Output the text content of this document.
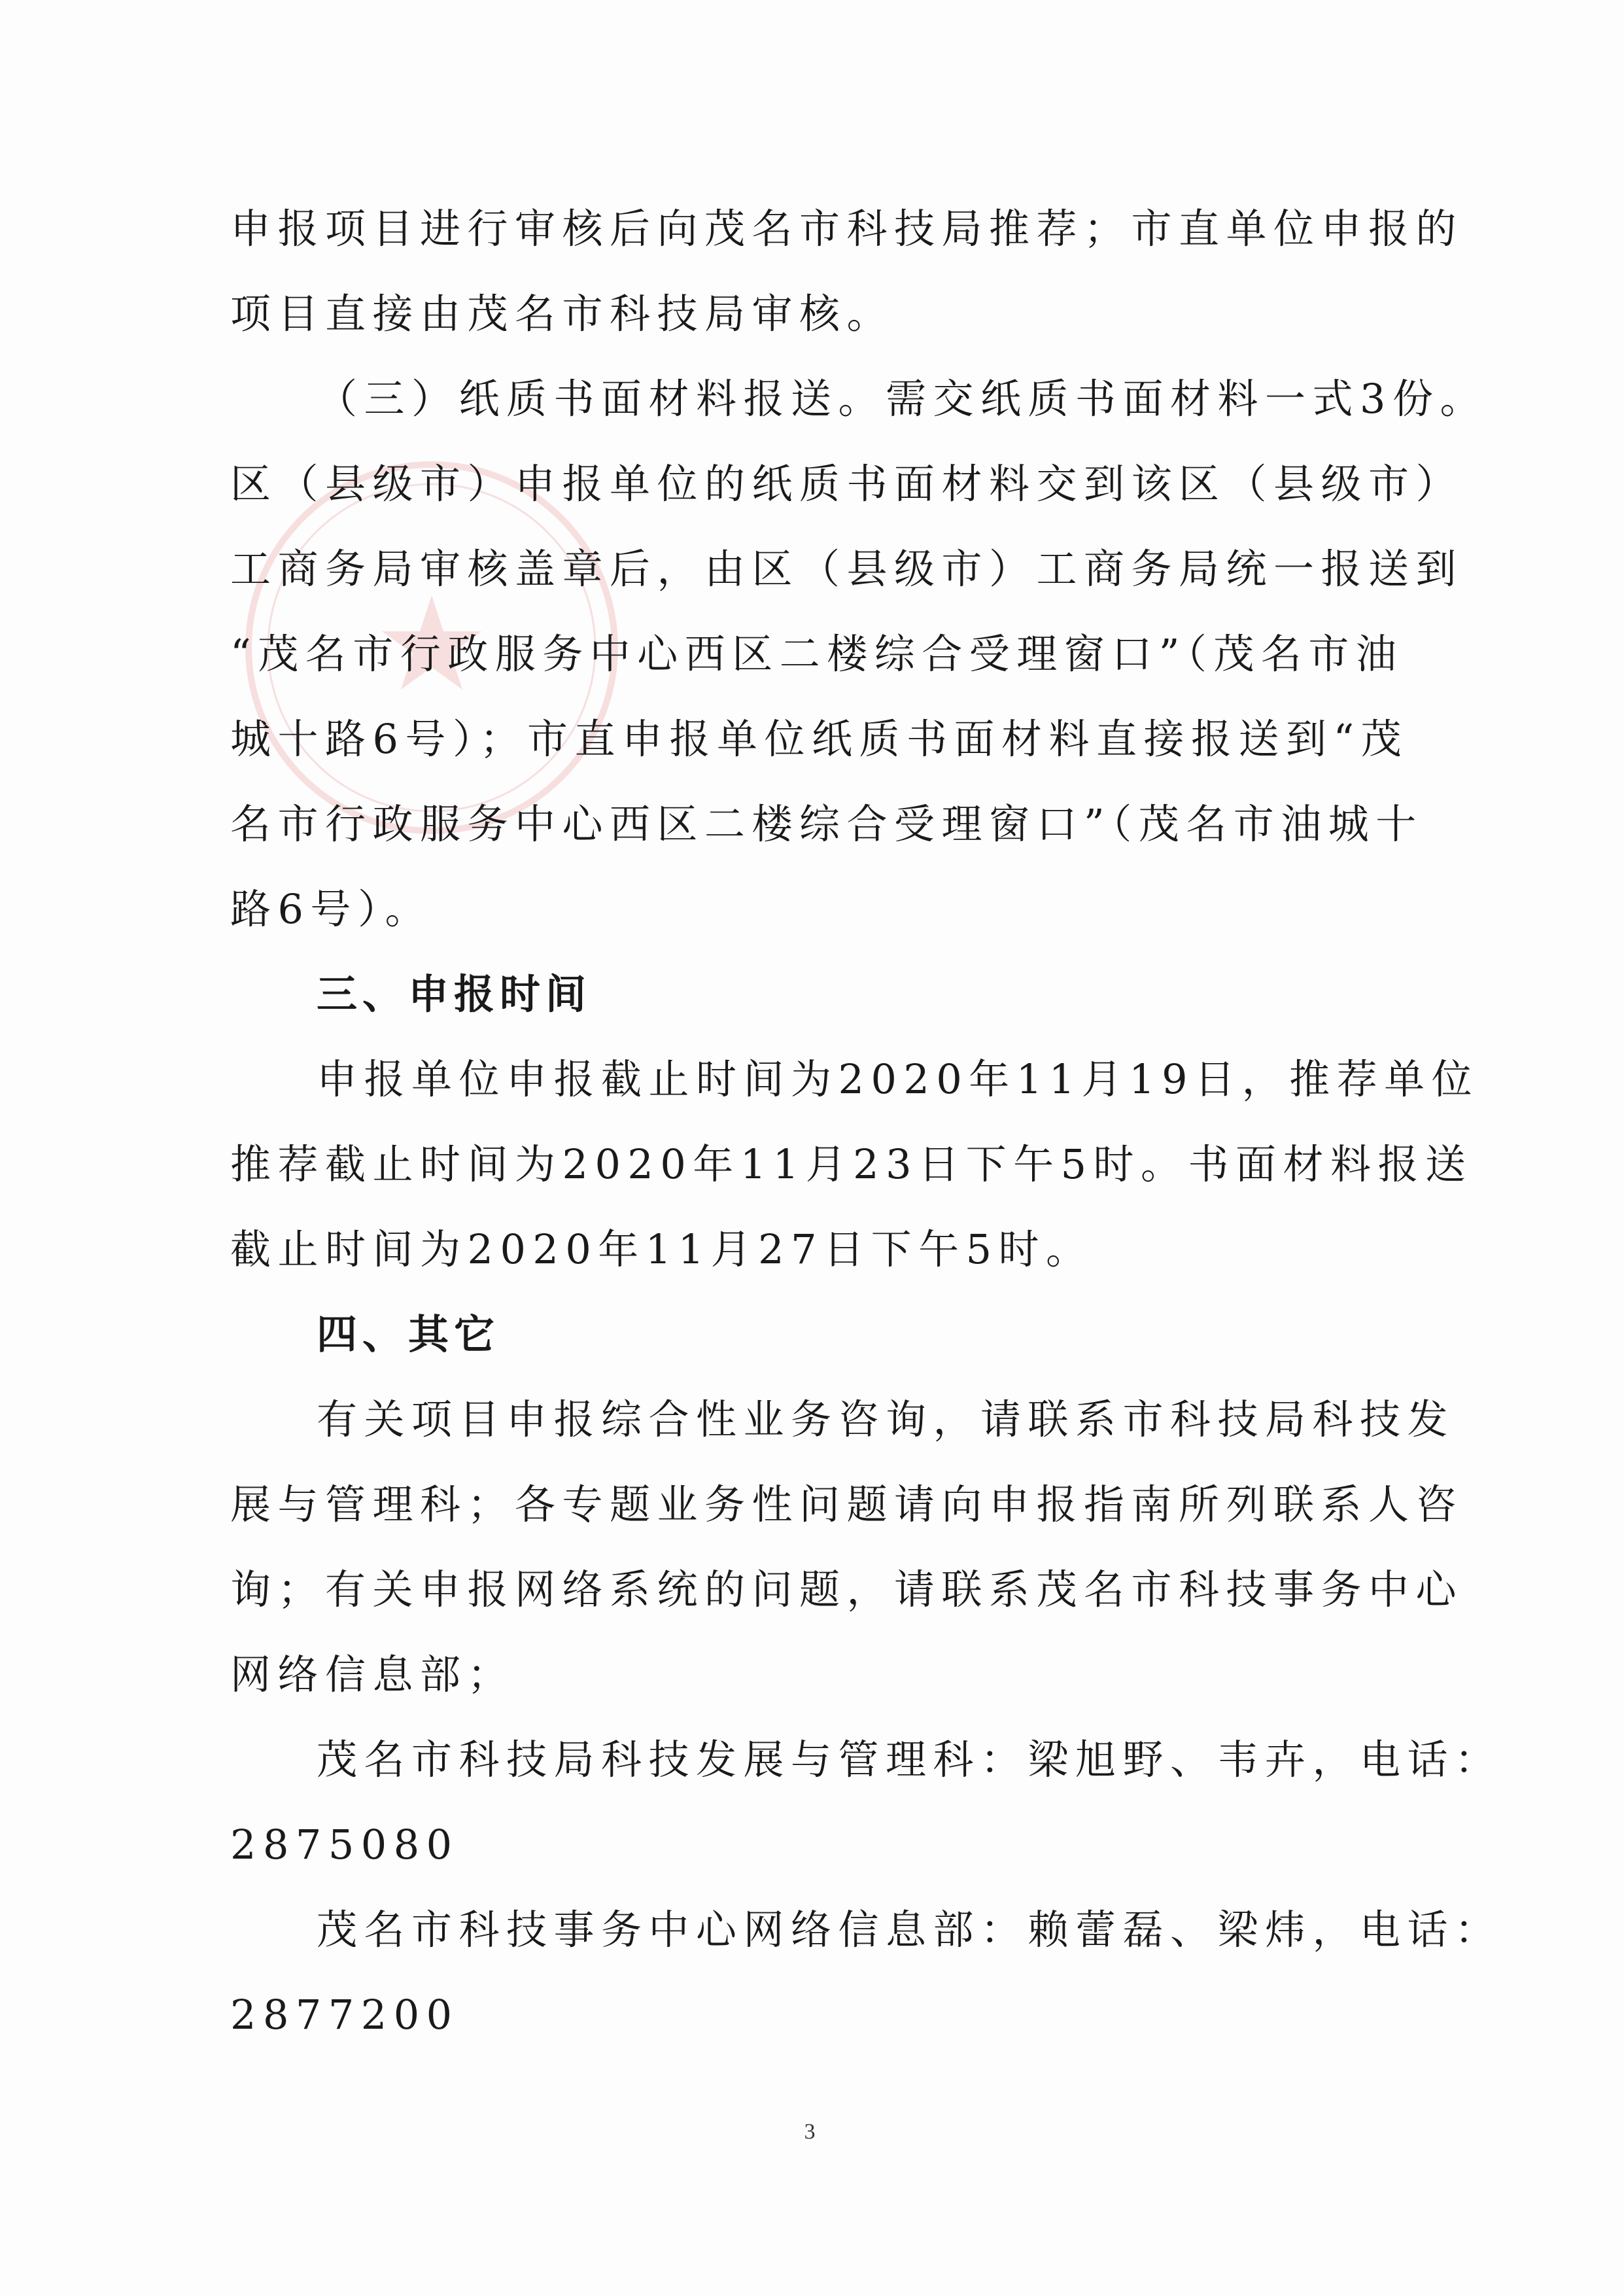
申报项目进行审核后向茂名市科技局推荐；市直单位申报的
项目直接由茂名市科技局审核。
（三）纸质书面材料报送。需交纸质书面材料一式3份。
区（县级市）申报单位的纸质书面材料交到该区（县级市）
工商务局审核盖章后，由区（县级市）工商务局统一报送到
“茂名市行政服务中心西区二楼综合受理窗口”（茂名市油
城十路6号）；市直申报单位纸质书面材料直接报送到“茂
名市行政服务中心西区二楼综合受理窗口”（茂名市油城十
路6号）。
三、申报时间
申报单位申报截止时间为2020年11月19日，推荐单位
推荐截止时间为2020年11月23日下午5时。书面材料报送
截止时间为2020年11月27日下午5时。
四、其它
有关项目申报综合性业务咨询，请联系市科技局科技发
展与管理科；各专题业务性问题请向申报指南所列联系人咨
询；有关申报网络系统的问题，请联系茂名市科技事务中心
网络信息部；
茂名市科技局科技发展与管理科：梁旭野、韦卉，电话：
2875080
茂名市科技事务中心网络信息部：赖蕾磊、梁炜，电话：
2877200
3
